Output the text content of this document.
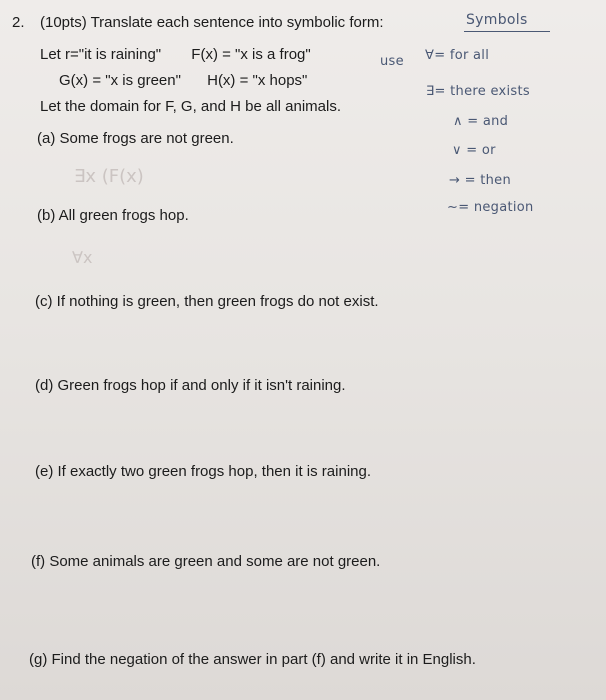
2. (10pts) Translate each sentence into symbolic form:
Let r="it is raining" F(x) = "x is a frog"
G(x) = "x is green" H(x) = "x hops"
Let the domain for F, G, and H be all animals.
(a) Some frogs are not green.
(b) All green frogs hop.
(c) If nothing is green, then green frogs do not exist.
(d) Green frogs hop if and only if it isn't raining.
(e) If exactly two green frogs hop, then it is raining.
(f) Some animals are green and some are not green.
(g) Find the negation of the answer in part (f) and write it in English.
∃x (F(x)
∀x
Symbols
use ∀= for all
∃= there exists
∧ = and
∨ = or
→ = then
~= negation
